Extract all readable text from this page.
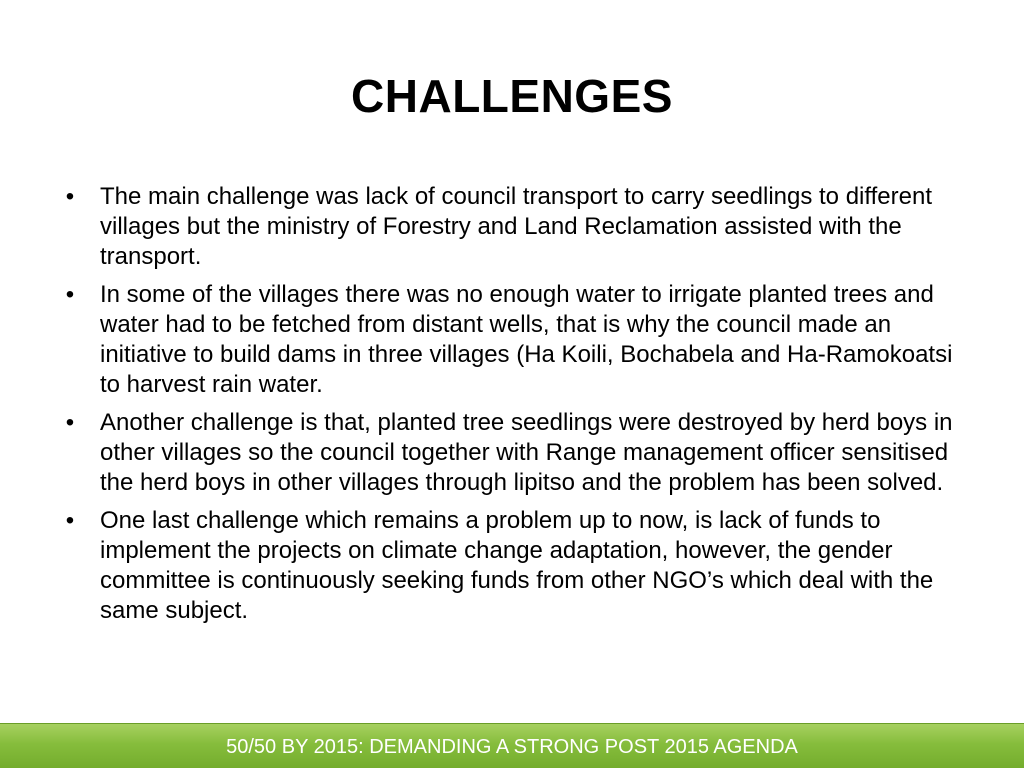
CHALLENGES
• The main challenge was lack of council transport to carry seedlings to different villages but the ministry of Forestry and Land Reclamation assisted with the transport.
• In some of the villages there was no enough water to irrigate planted trees and water had to be fetched from distant wells, that is why the council made an initiative to build dams in three villages (Ha Koili, Bochabela and Ha-Ramokoatsi to harvest rain water.
• Another challenge is that, planted tree seedlings were destroyed by herd boys in other villages so the council together with Range management officer sensitised the herd boys in other villages through lipitso and the problem has been solved.
• One last challenge which remains a problem up to now, is lack of funds to implement the projects on climate change adaptation, however, the gender committee is continuously seeking funds from other NGO’s which deal with the same subject.
50/50 BY 2015: DEMANDING A STRONG POST 2015 AGENDA
